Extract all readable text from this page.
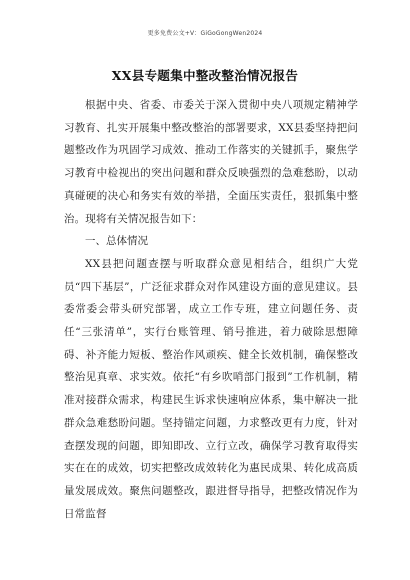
更多免费公文+V：GiGoGongWen2024
XX县专题集中整改整治情况报告

根据中央、省委、市委关于深入贯彻中央八项规定精神学习教育、扎实开展集中整改整治的部署要求，XX县委坚持把问题整改作为巩固学习成效、推动工作落实的关键抓手，聚焦学习教育中检视出的突出问题和群众反映强烈的急难愁盼，以动真碰硬的决心和务实有效的举措，全面压实责任，狠抓集中整治。现将有关情况报告如下：

一、总体情况

XX县把问题查摆与听取群众意见相结合，组织广大党员“四下基层”，广泛征求群众对作风建设方面的意见建议。县委常委会带头研究部署，成立工作专班，建立问题任务、责任“三张清单”，实行台账管理、销号推进，着力破除思想障碍、补齐能力短板、整治作风顽疾、健全长效机制，确保整改整治见真章、求实效。依托“有乡吹哨部门报到”工作机制，精准对接群众需求，构建民生诉求快速响应体系，集中解决一批群众急难愁盼问题。坚持锚定问题，力求整改更有力度，针对查摆发现的问题，即知即改、立行立改，确保学习教育取得实实在在的成效，切实把整改成效转化为惠民成果、转化成高质量发展成效。聚焦问题整改，跟进督导指导，把整改情况作为日常监督
